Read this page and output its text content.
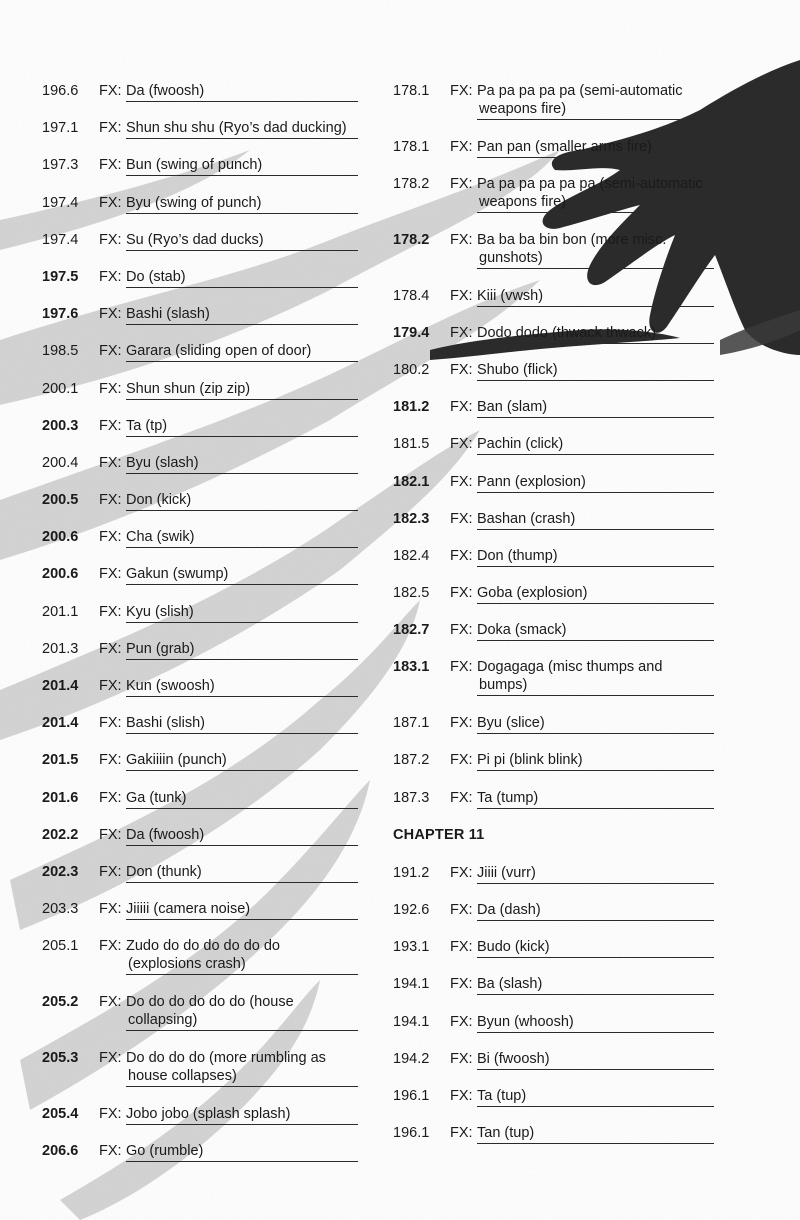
196.6 FX: Da (fwoosh)
197.1 FX: Shun shu shu (Ryo’s dad ducking)
197.3 FX: Bun (swing of punch)
197.4 FX: Byu (swing of punch)
197.4 FX: Su (Ryo’s dad ducks)
197.5 FX: Do (stab)
197.6 FX: Bashi (slash)
198.5 FX: Garara (sliding open of door)
200.1 FX: Shun shun (zip zip)
200.3 FX: Ta (tp)
200.4 FX: Byu (slash)
200.5 FX: Don (kick)
200.6 FX: Cha (swik)
200.6 FX: Gakun (swump)
201.1 FX: Kyu (slish)
201.3 FX: Pun (grab)
201.4 FX: Kun (swoosh)
201.4 FX: Bashi (slish)
201.5 FX: Gakiiiin (punch)
201.6 FX: Ga (tunk)
202.2 FX: Da (fwoosh)
202.3 FX: Don (thunk)
203.3 FX: Jiiiii (camera noise)
205.1 FX: Zudo do do do do do do
(explosions crash)
205.2 FX: Do do do do do do (house
collapsing)
205.3 FX: Do do do do (more rumbling as
house collapses)
205.4 FX: Jobo jobo (splash splash)
206.6 FX: Go (rumble)
178.1 FX: Pa pa pa pa pa (semi-automatic
weapons fire)
178.1 FX: Pan pan (smaller arms fire)
178.2 FX: Pa pa pa pa pa pa (semi-automatic
weapons fire)
178.2 FX: Ba ba ba bin bon (more misc.
gunshots)
178.4 FX: Kiii (vwsh)
179.4 FX: Dodo dodo (thwack thwack)
180.2 FX: Shubo (flick)
181.2 FX: Ban (slam)
181.5 FX: Pachin (click)
182.1 FX: Pann (explosion)
182.3 FX: Bashan (crash)
182.4 FX: Don (thump)
182.5 FX: Goba (explosion)
182.7 FX: Doka (smack)
183.1 FX: Dogagaga (misc thumps and
bumps)
187.1 FX: Byu (slice)
187.2 FX: Pi pi (blink blink)
187.3 FX: Ta (tump)
CHAPTER 11
191.2 FX: Jiiii (vurr)
192.6 FX: Da (dash)
193.1 FX: Budo (kick)
194.1 FX: Ba (slash)
194.1 FX: Byun (whoosh)
194.2 FX: Bi (fwoosh)
196.1 FX: Ta (tup)
196.1 FX: Tan (tup)
